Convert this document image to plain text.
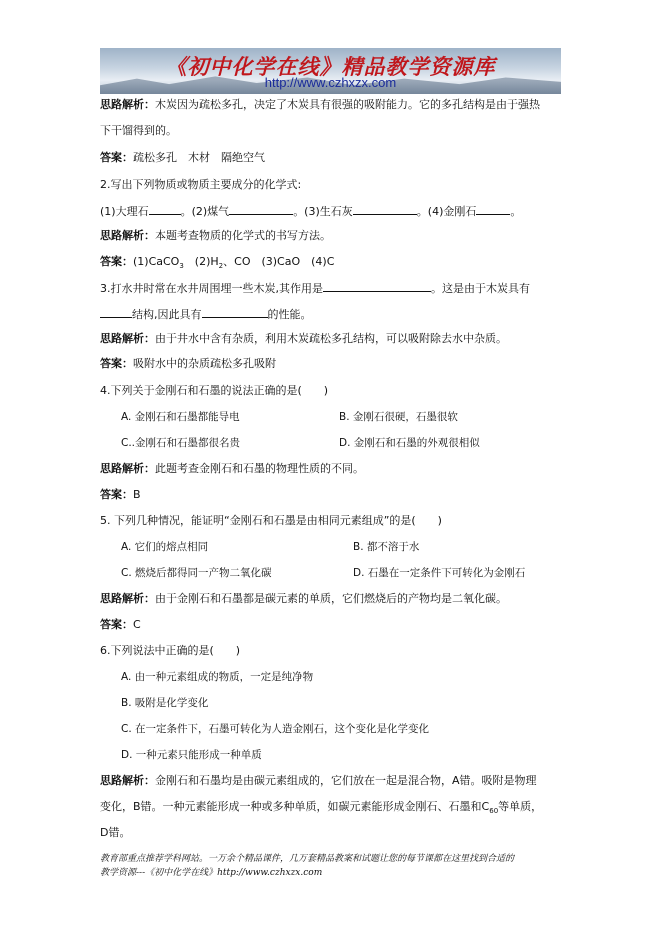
《初中化学在线》精品教学资源库
http://www.czhxzx.com
思路解析：木炭因为疏松多孔，决定了木炭具有很强的吸附能力。它的多孔结构是由于强热
下干馏得到的。
答案：疏松多孔　木材　隔绝空气
2.写出下列物质或物质主要成分的化学式:
(1)大理石	。(2)煤气	。(3)生石灰	。(4)金刚石	。
思路解析：本题考查物质的化学式的书写方法。
答案：(1)CaCO$_3$　$(2)H_2$、CO　(3)CaO　(4)C
3.打水井时常在水井周围埋一些木炭,其作用是	。这是由于木炭具有
结构,因此具有	的性能。
思路解析：由于井水中含有杂质，利用木炭疏松多孔结构，可以吸附除去水中杂质。
答案：吸附水中的杂质疏松多孔吸附
4.下列关于金刚石和石墨的说法正确的是(　　)
A. 金刚石和石墨都能导电	B. 金刚石很硬，石墨很软
C..金刚石和石墨都很名贵	D. 金刚石和石墨的外观很相似
思路解析：此题考查金刚石和石墨的物理性质的不同。
答案：B
5. 下列几种情况，能证明“金刚石和石墨是由相同元素组成”的是(　　)
A. 它们的熔点相同	B. 都不溶于水
C. 燃烧后都得同一产物二氧化碳	D. 石墨在一定条件下可转化为金刚石
思路解析：由于金刚石和石墨都是碳元素的单质，它们燃烧后的产物均是二氧化碳。
答案：C
6.下列说法中正确的是(　　)
A. 由一种元素组成的物质，一定是纯净物
B. 吸附是化学变化
C. 在一定条件下，石墨可转化为人造金刚石，这个变化是化学变化
D. 一种元素只能形成一种单质
思路解析：金刚石和石墨均是由碳元素组成的，它们放在一起是混合物，A错。吸附是物理
变化，B错。一种元素能形成一种或多种单质，如碳元素能形成金刚石、石墨和$C_{60}$等单质，
D错。
教育部重点推荐学科网站。一万余个精品课件，几万套精品教案和试题让您的每节课都在这里找到合适的
教学资源---《初中化学在线》http://www.czhxzx.com
